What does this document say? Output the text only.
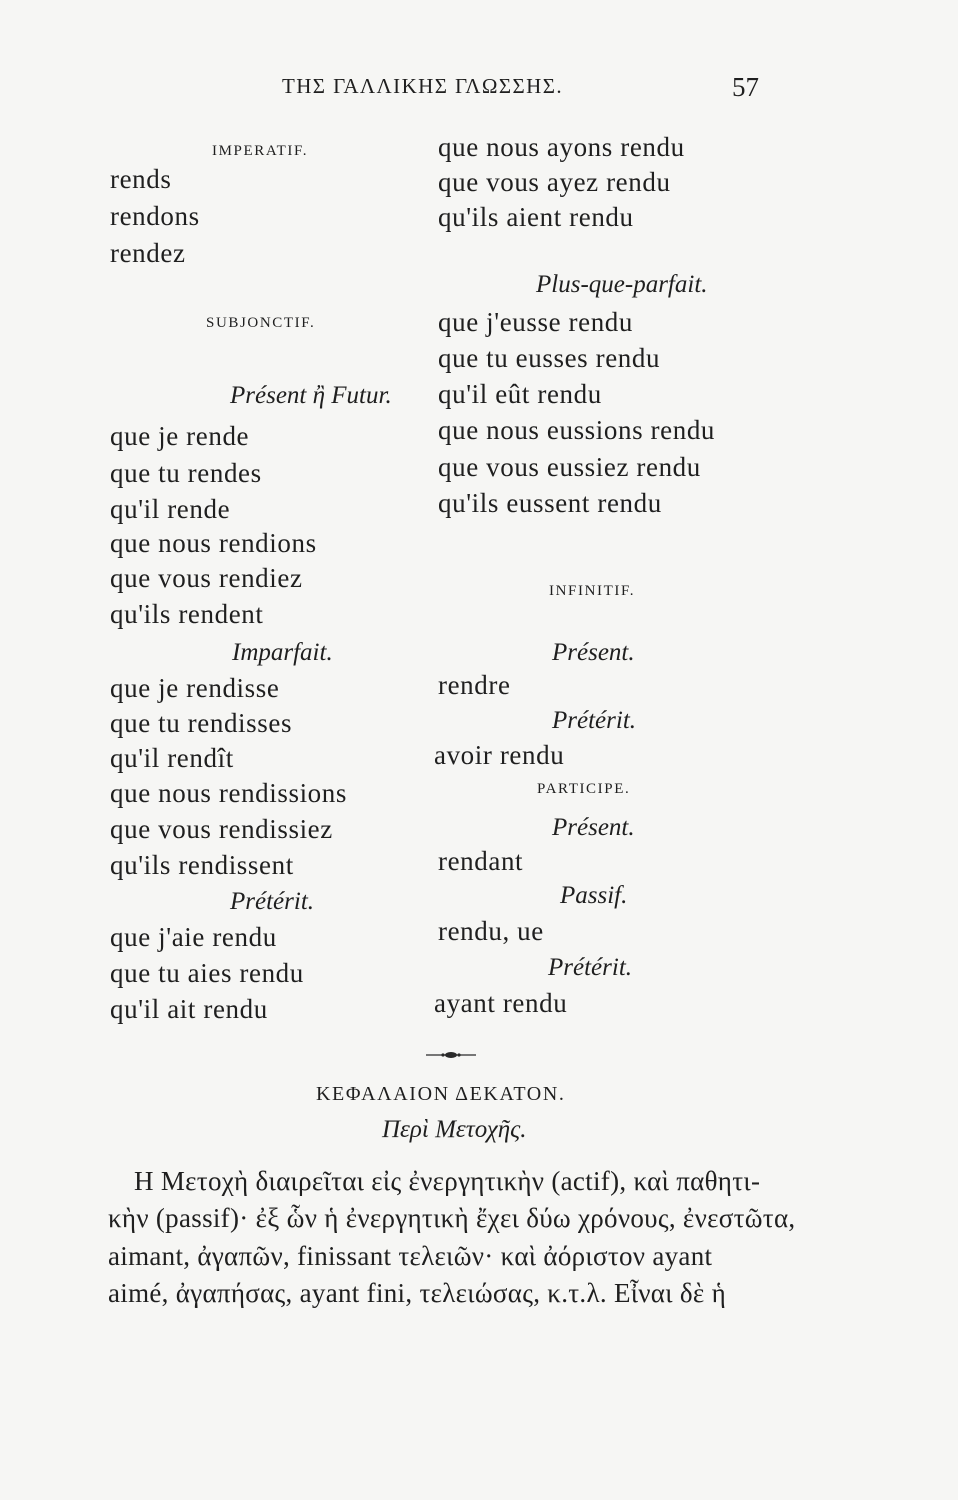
ΤΗΣ ΓΑΛΛΙΚΗΣ ΓΛΩΣΣΗΣ.	57
IMPERATIF.
rends
rendons
rendez
SUBJONCTIF.
Présent ἢ Futur.
que je rende
que tu rendes
qu'il rende
que nous rendions
que vous rendiez
qu'ils rendent
Imparfait.
que je rendisse
que tu rendisses
qu'il rendît
que nous rendissions
que vous rendissiez
qu'ils rendissent
Prétérit.
que j'aie rendu
que tu aies rendu
qu'il ait rendu
que nous ayons rendu
que vous ayez rendu
qu'ils aient rendu
Plus-que-parfait.
que j'eusse rendu
que tu eusses rendu
qu'il eût rendu
que nous eussions rendu
que vous eussiez rendu
qu'ils eussent rendu
INFINITIF.
Présent.
rendre
Prétérit.
avoir rendu
PARTICIPE.
Présent.
rendant
Passif.
rendu, ue
Prétérit.
ayant rendu
ΚΕΦΑΛΑΙΟΝ ΔΕΚΑΤΟΝ.
Περὶ Μετοχῆς.
Η Μετοχὴ διαιρεῖται εἰς ἐνεργητικὴν (actif), καὶ παθητι-
κὴν (passif)· ἐξ ὧν ἡ ἐνεργητικὴ ἔχει δύω χρόνους, ἐνεστῶτα,
aimant, ἀγαπῶν, finissant τελειῶν· καὶ ἀόριστον ayant
aimé, ἀγαπήσας, ayant fini, τελειώσας, κ.τ.λ. Εἶναι δὲ ἡ
